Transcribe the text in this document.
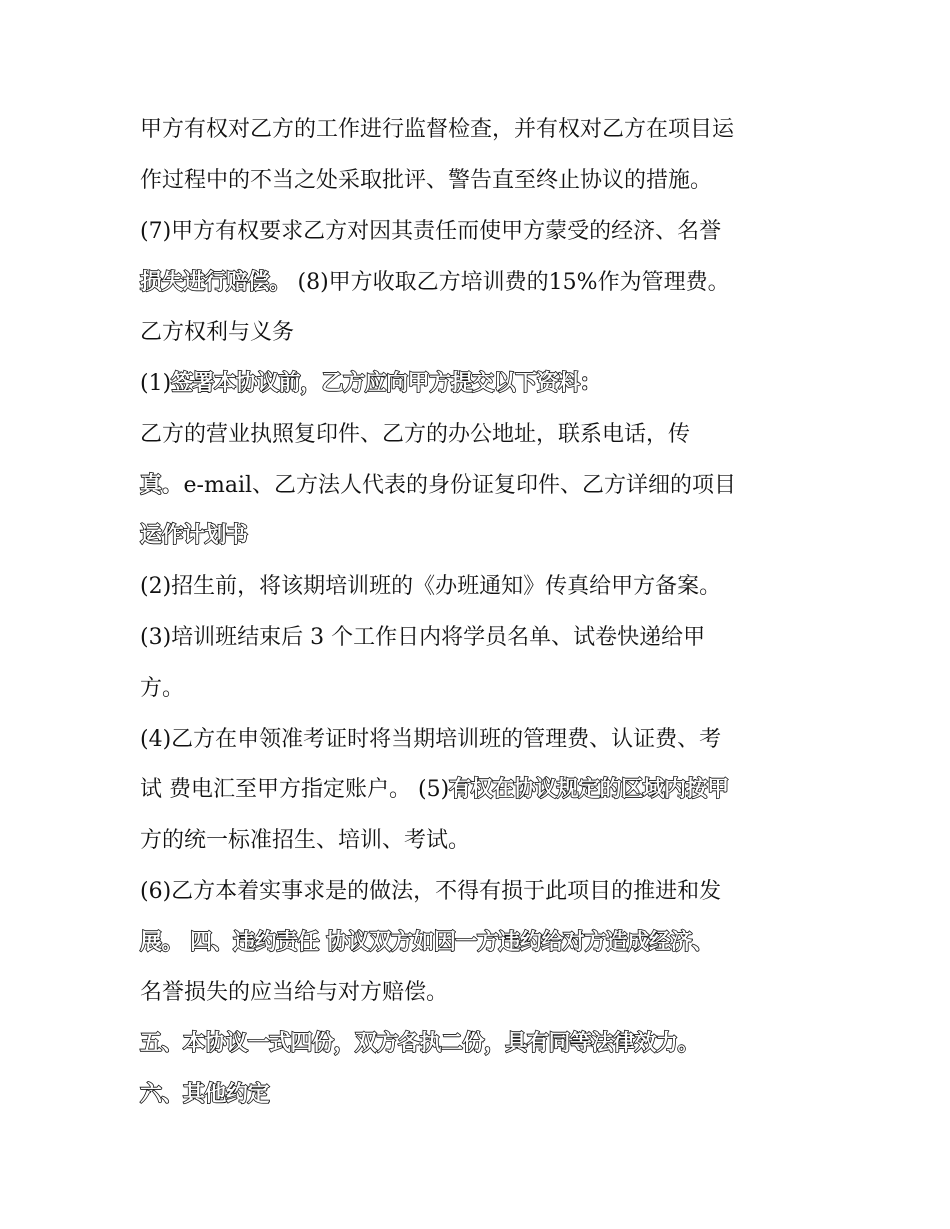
甲方有权对乙方的工作进行监督检查，并有权对乙方在项目运
作过程中的不当之处采取批评、警告直至终止协议的措施。
(7)甲方有权要求乙方对因其责任而使甲方蒙受的经济、名誉
损失进行赔偿。 (8)甲方收取乙方培训费的15%作为管理费。
乙方权利与义务
(1)签署本协议前，乙方应向甲方提交以下资料：
乙方的营业执照复印件、乙方的办公地址，联系电话，传
真。e-mail、乙方法人代表的身份证复印件、乙方详细的项目
运作计划书
(2)招生前，将该期培训班的《办班通知》传真给甲方备案。
(3)培训班结束后 3 个工作日内将学员名单、试卷快递给甲
方。
(4)乙方在申领准考证时将当期培训班的管理费、认证费、考
试 费电汇至甲方指定账户。 (5)有权在协议规定的区域内按甲
方的统一标准招生、培训、考试。
(6)乙方本着实事求是的做法，不得有损于此项目的推进和发
展。 四、违约责任 协议双方如因一方违约给对方造成经济、
名誉损失的应当给与对方赔偿。
五、本协议一式四份，双方各执二份，具有同等法律效力。
六、其他约定
